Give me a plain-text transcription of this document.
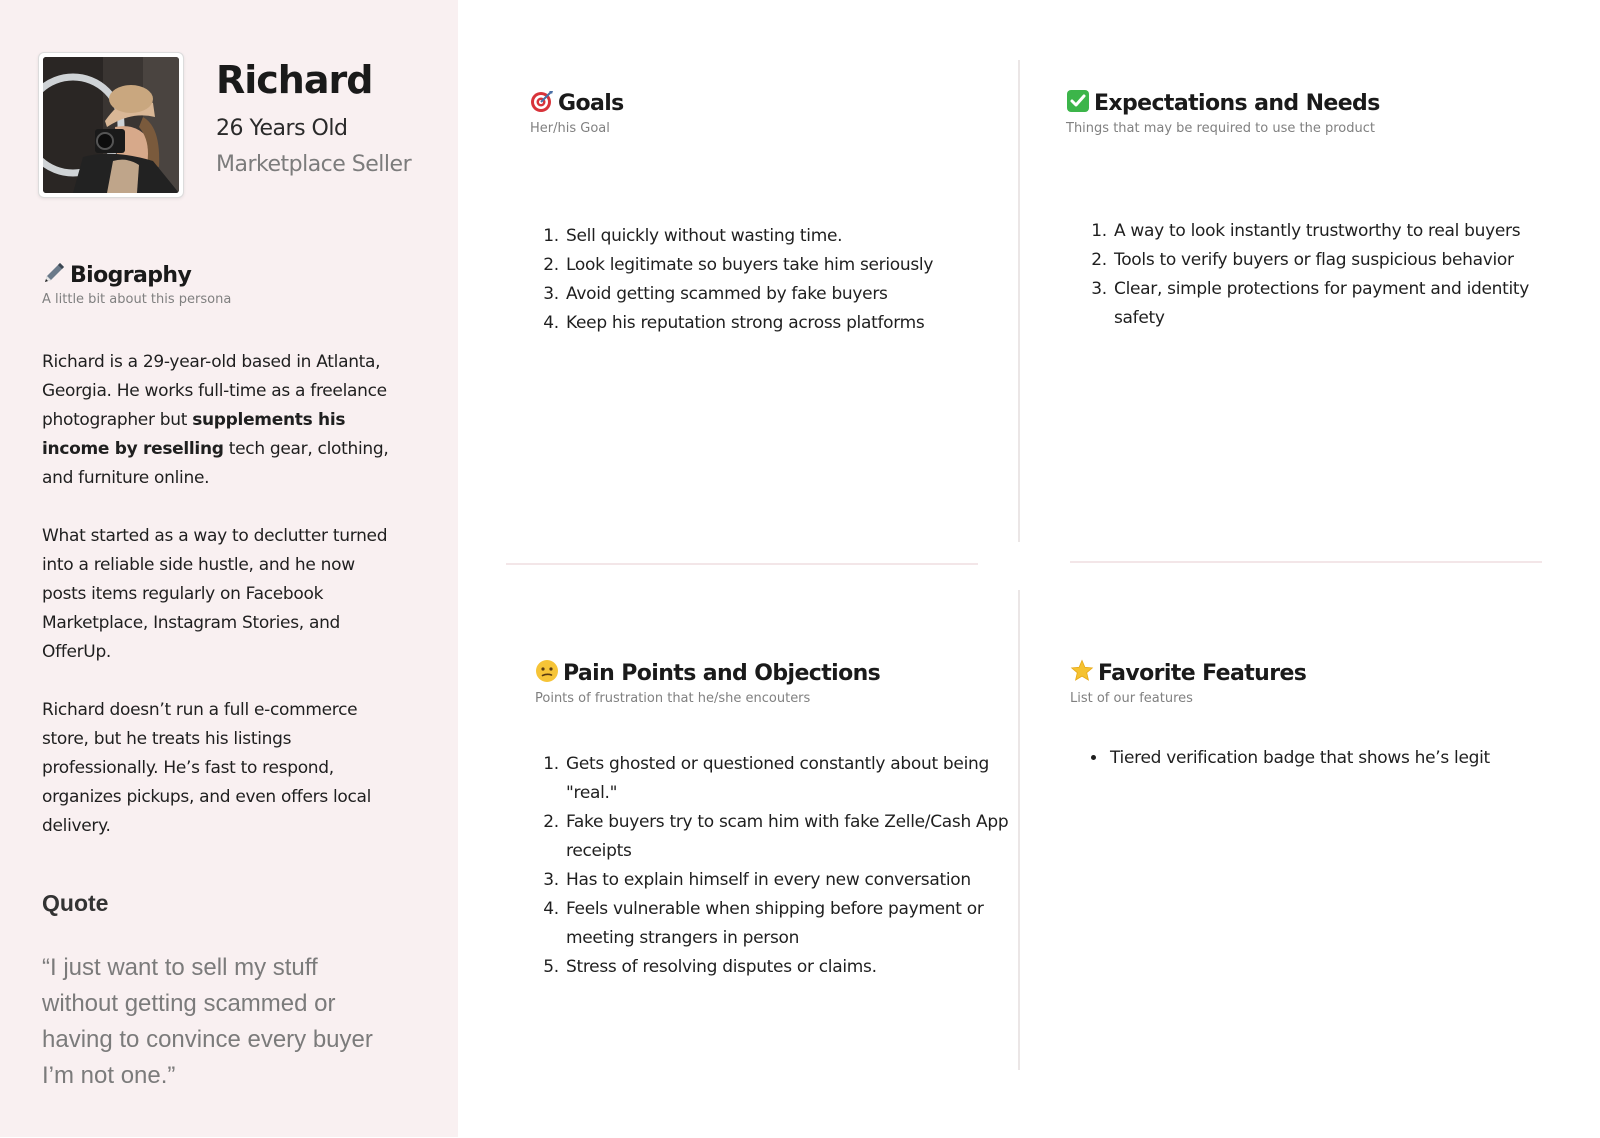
Richard
26 Years Old
Marketplace Seller
Biography
A little bit about this persona

Richard is a 29-year-old based in Atlanta, Georgia. He works full-time as a freelance photographer but supplements his income by reselling tech gear, clothing, and furniture online.

What started as a way to declutter turned into a reliable side hustle, and he now posts items regularly on Facebook Marketplace, Instagram Stories, and OfferUp.

Richard doesn’t run a full e-commerce store, but he treats his listings professionally. He’s fast to respond, organizes pickups, and even offers local delivery.

Quote
“I just want to sell my stuff without getting scammed or having to convince every buyer I’m not one.”
Goals
Her/his Goal
1. Sell quickly without wasting time.
2. Look legitimate so buyers take him seriously
3. Avoid getting scammed by fake buyers
4. Keep his reputation strong across platforms
Expectations and Needs
Things that may be required to use the product
1. A way to look instantly trustworthy to real buyers
2. Tools to verify buyers or flag suspicious behavior
3. Clear, simple protections for payment and identity safety
Pain Points and Objections
Points of frustration that he/she encouters
1. Gets ghosted or questioned constantly about being "real."
2. Fake buyers try to scam him with fake Zelle/Cash App receipts
3. Has to explain himself in every new conversation
4. Feels vulnerable when shipping before payment or meeting strangers in person
5. Stress of resolving disputes or claims.
Favorite Features
List of our features
• Tiered verification badge that shows he’s legit
